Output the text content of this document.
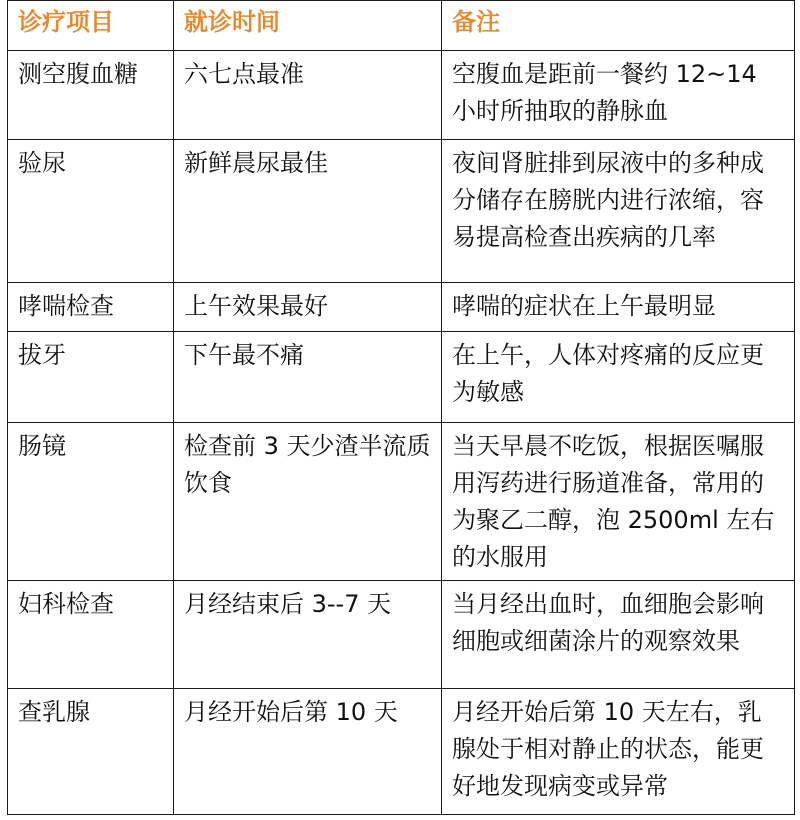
诊疗项目	就诊时间	备注
测空腹血糖	六七点最准	空腹血是距前一餐约 12~14 小时所抽取的静脉血
验尿	新鲜晨尿最佳	夜间肾脏排到尿液中的多种成分储存在膀胱内进行浓缩，容易提高检查出疾病的几率
哮喘检查	上午效果最好	哮喘的症状在上午最明显
拔牙	下午最不痛	在上午，人体对疼痛的反应更为敏感
肠镜	检查前 3 天少渣半流质饮食	当天早晨不吃饭，根据医嘱服用泻药进行肠道准备，常用的为聚乙二醇，泡 2500ml 左右的水服用
妇科检查	月经结束后 3--7 天	当月经出血时，血细胞会影响细胞或细菌涂片的观察效果
查乳腺	月经开始后第 10 天	月经开始后第 10 天左右，乳腺处于相对静止的状态，能更好地发现病变或异常
